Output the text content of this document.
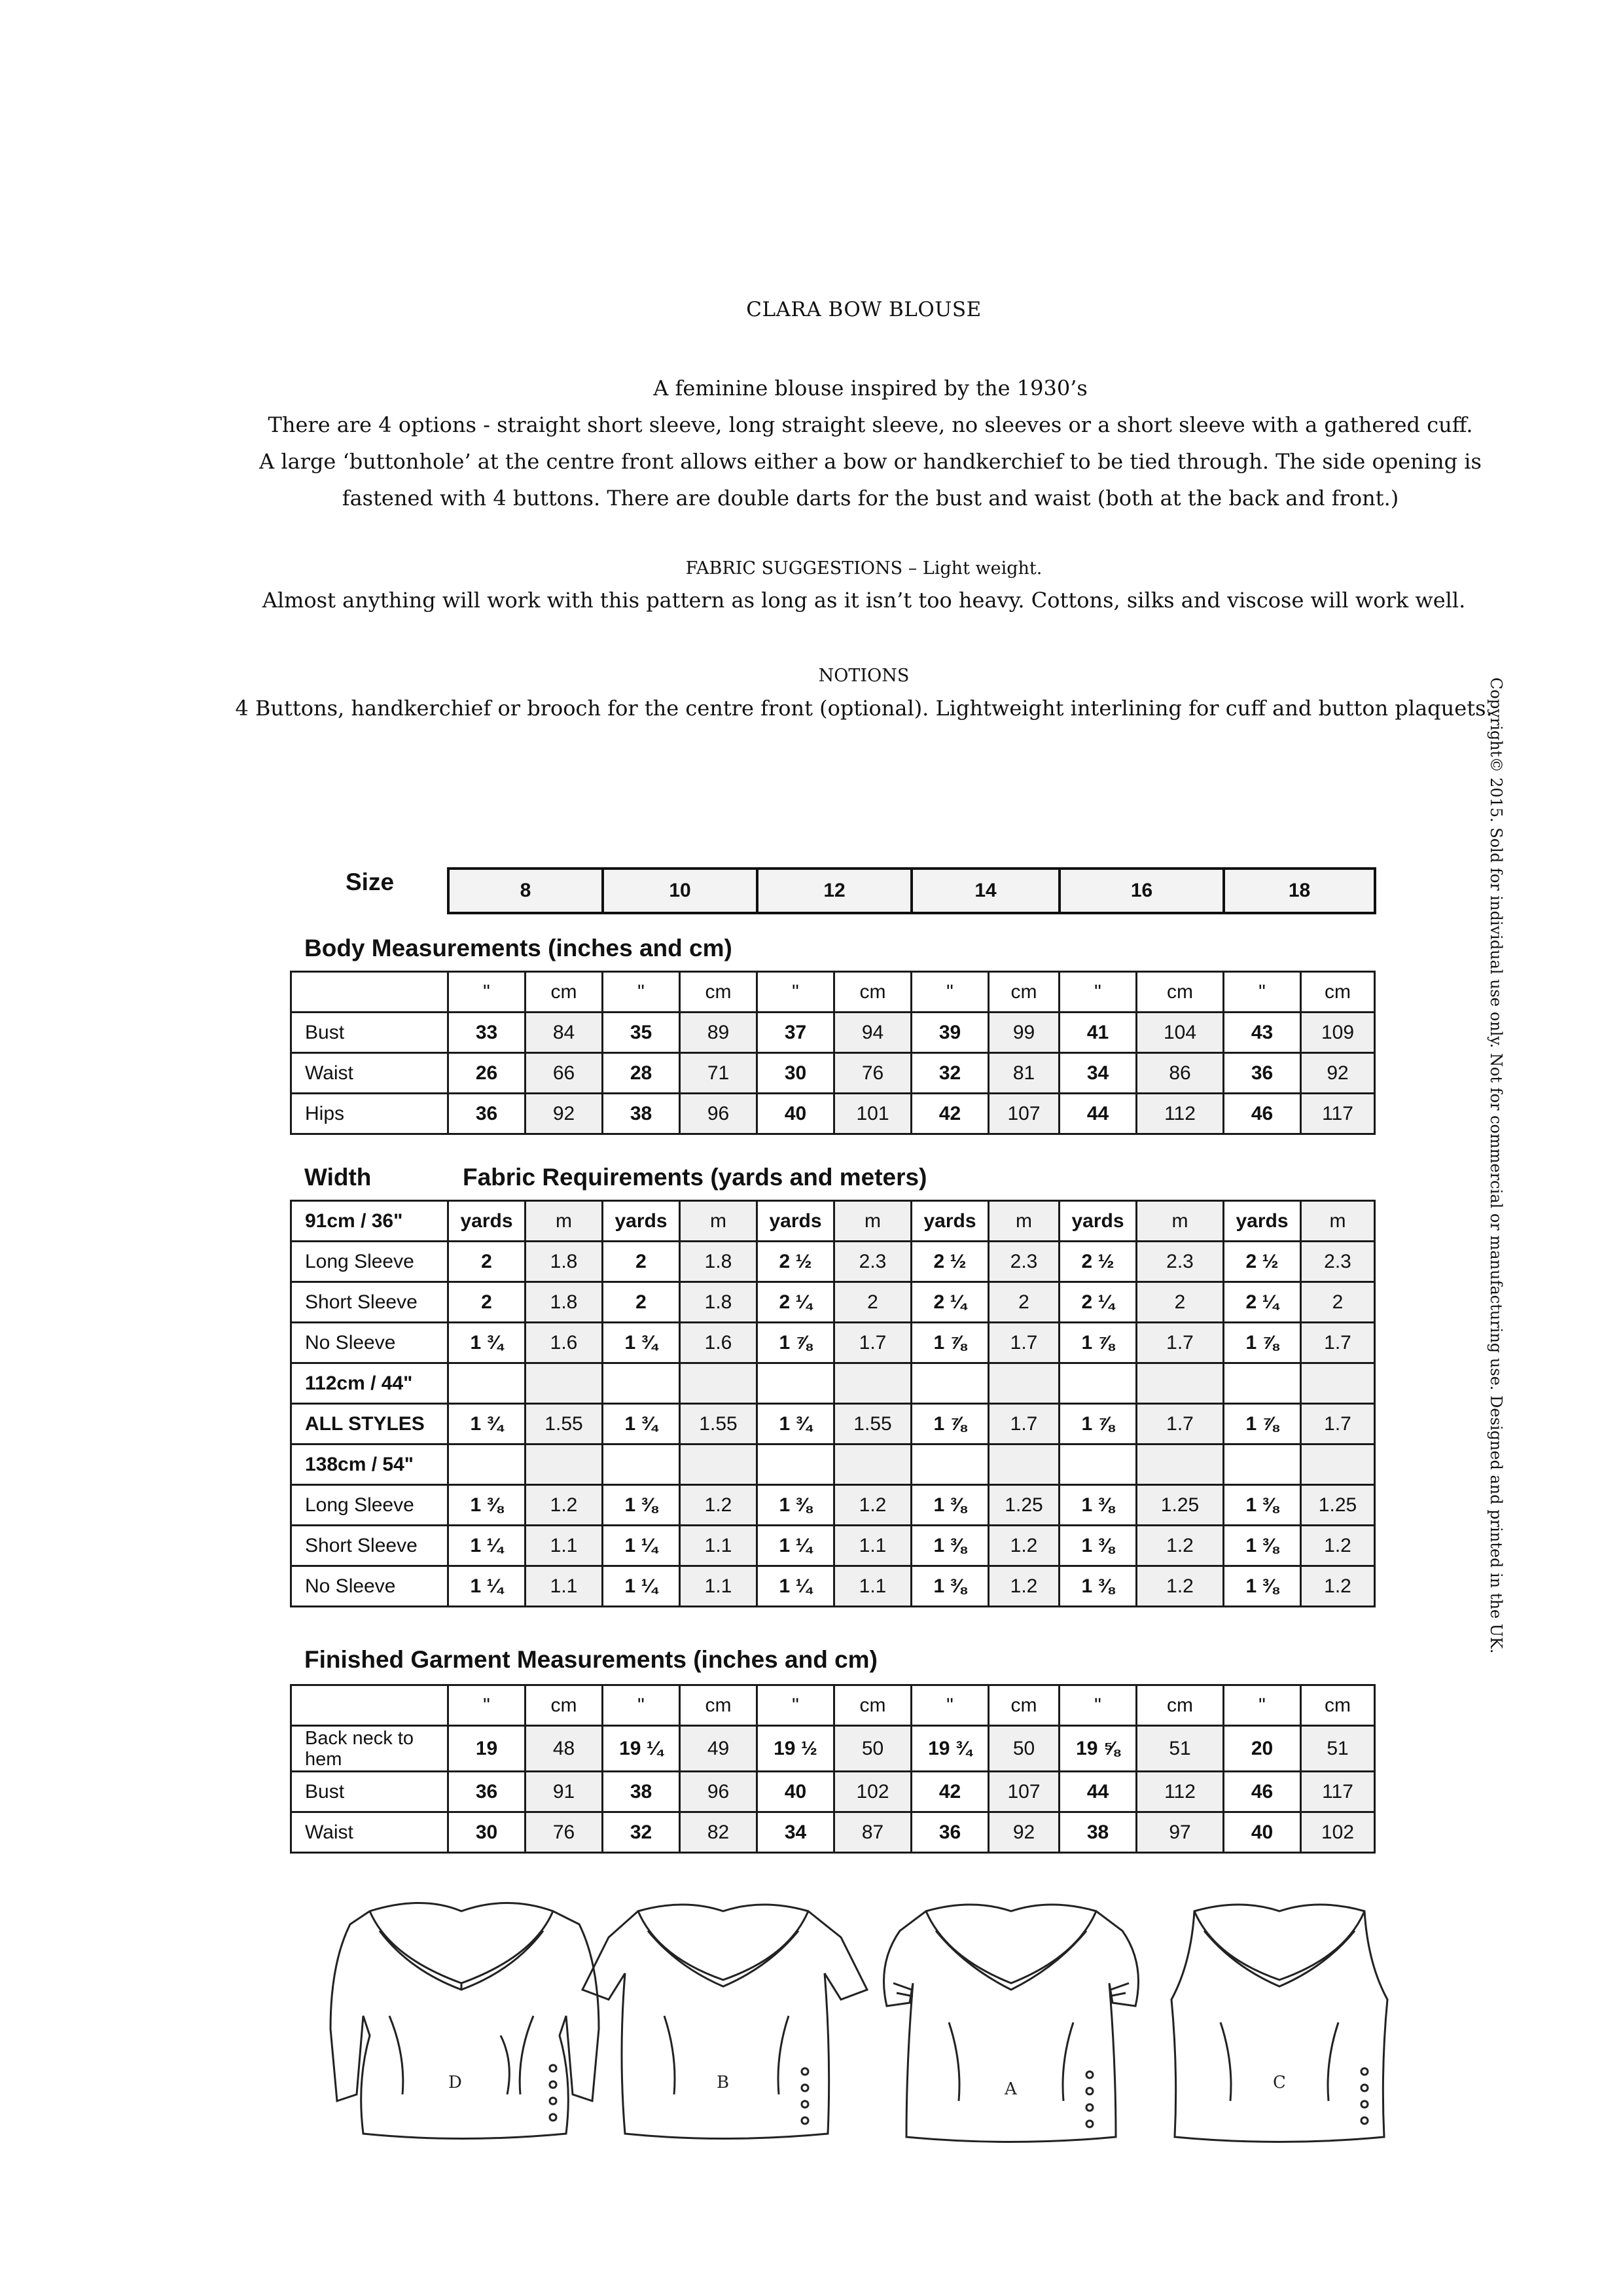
CLARA BOW BLOUSE

A feminine blouse inspired by the 1930’s

There are 4 options - straight short sleeve, long straight sleeve, no sleeves or a short sleeve with a gathered cuff.

A large ‘buttonhole’ at the centre front allows either a bow or handkerchief to be tied through. The side opening is fastened with 4 buttons. There are double darts for the bust and waist (both at the back and front.)

FABRIC SUGGESTIONS – Light weight.
Almost anything will work with this pattern as long as it isn’t too heavy. Cottons, silks and viscose will work well.
NOTIONS
4 Buttons, handkerchief or brooch for the centre front (optional). Lightweight interlining for cuff and button plaquets.
Copyright© 2015. Sold for individual use only. Not for commercial or manufacturing use. Designed and printed in the UK.
Size	8	10	12	14	16	18
Body Measurements (inches and cm)
	"	cm	"	cm	"	cm	"	cm	"	cm	"	cm
Bust	33	84	35	89	37	94	39	99	41	104	43	109
Waist	26	66	28	71	30	76	32	81	34	86	36	92
Hips	36	92	38	96	40	101	42	107	44	112	46	117
Width	Fabric Requirements (yards and meters)
91cm / 36"	yards	m	yards	m	yards	m	yards	m	yards	m	yards	m
Long Sleeve	2	1.8	2	1.8	2 ½	2.3	2 ½	2.3	2 ½	2.3	2 ½	2.3
Short Sleeve	2	1.8	2	1.8	2 ¼	2	2 ¼	2	2 ¼	2	2 ¼	2
No Sleeve	1 ¾	1.6	1 ¾	1.6	1 ⅞	1.7	1 ⅞	1.7	1 ⅞	1.7	1 ⅞	1.7
112cm / 44"												
ALL STYLES	1 ¾	1.55	1 ¾	1.55	1 ¾	1.55	1 ⅞	1.7	1 ⅞	1.7	1 ⅞	1.7
138cm / 54"												
Long Sleeve	1 ⅜	1.2	1 ⅜	1.2	1 ⅜	1.2	1 ⅜	1.25	1 ⅜	1.25	1 ⅜	1.25
Short Sleeve	1 ¼	1.1	1 ¼	1.1	1 ¼	1.1	1 ⅜	1.2	1 ⅜	1.2	1 ⅜	1.2
No Sleeve	1 ¼	1.1	1 ¼	1.1	1 ¼	1.1	1 ⅜	1.2	1 ⅜	1.2	1 ⅜	1.2
Finished Garment Measurements (inches and cm)
	"	cm	"	cm	"	cm	"	cm	"	cm	"	cm
Back neck to hem	19	48	19 ¼	49	19 ½	50	19 ¾	50	19 ⅝	51	20	51
Bust	36	91	38	96	40	102	42	107	44	112	46	117
Waist	30	76	32	82	34	87	36	92	38	97	40	102
D	B	A	C
